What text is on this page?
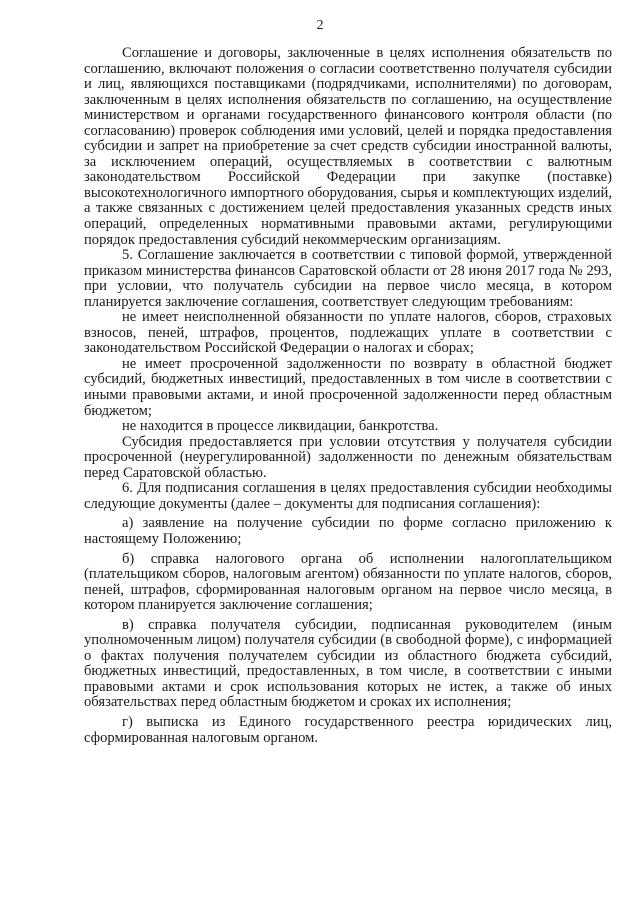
2

Соглашение и договоры, заключенные в целях исполнения обязательств по соглашению, включают положения о согласии соответственно получателя субсидии и лиц, являющихся поставщиками (подрядчиками, исполнителями) по договорам, заключенным в целях исполнения обязательств по соглашению, на осуществление министерством и органами государственного финансового контроля области (по согласованию) проверок соблюдения ими условий, целей и порядка предоставления субсидии и запрет на приобретение за счет средств субсидии иностранной валюты, за исключением операций, осуществляемых в соответствии с валютным законодательством Российской Федерации при закупке (поставке) высокотехнологичного импортного оборудования, сырья и комплектующих изделий, а также связанных с достижением целей предоставления указанных средств иных операций, определенных нормативными правовыми актами, регулирующими порядок предоставления субсидий некоммерческим организациям.

5. Соглашение заключается в соответствии с типовой формой, утвержденной приказом министерства финансов Саратовской области от 28 июня 2017 года № 293, при условии, что получатель субсидии на первое число месяца, в котором планируется заключение соглашения, соответствует следующим требованиям:

не имеет неисполненной обязанности по уплате налогов, сборов, страховых взносов, пеней, штрафов, процентов, подлежащих уплате в соответствии с законодательством Российской Федерации о налогах и сборах;

не имеет просроченной задолженности по возврату в областной бюджет субсидий, бюджетных инвестиций, предоставленных в том числе в соответствии с иными правовыми актами, и иной просроченной задолженности перед областным бюджетом;

не находится в процессе ликвидации, банкротства.

Субсидия предоставляется при условии отсутствия у получателя субсидии просроченной (неурегулированной) задолженности по денежным обязательствам перед Саратовской областью.

6. Для подписания соглашения в целях предоставления субсидии необходимы следующие документы (далее – документы для подписания соглашения):

а) заявление на получение субсидии по форме согласно приложению к настоящему Положению;

б) справка налогового органа об исполнении налогоплательщиком (плательщиком сборов, налоговым агентом) обязанности по уплате налогов, сборов, пеней, штрафов, сформированная налоговым органом на первое число месяца, в котором планируется заключение соглашения;

в) справка получателя субсидии, подписанная руководителем (иным уполномоченным лицом) получателя субсидии (в свободной форме), с информацией о фактах получения получателем субсидии из областного бюджета субсидий, бюджетных инвестиций, предоставленных, в том числе, в соответствии с иными правовыми актами и срок использования которых не истек, а также об иных обязательствах перед областным бюджетом и сроках их исполнения;

г) выписка из Единого государственного реестра юридических лиц, сформированная налоговым органом.
